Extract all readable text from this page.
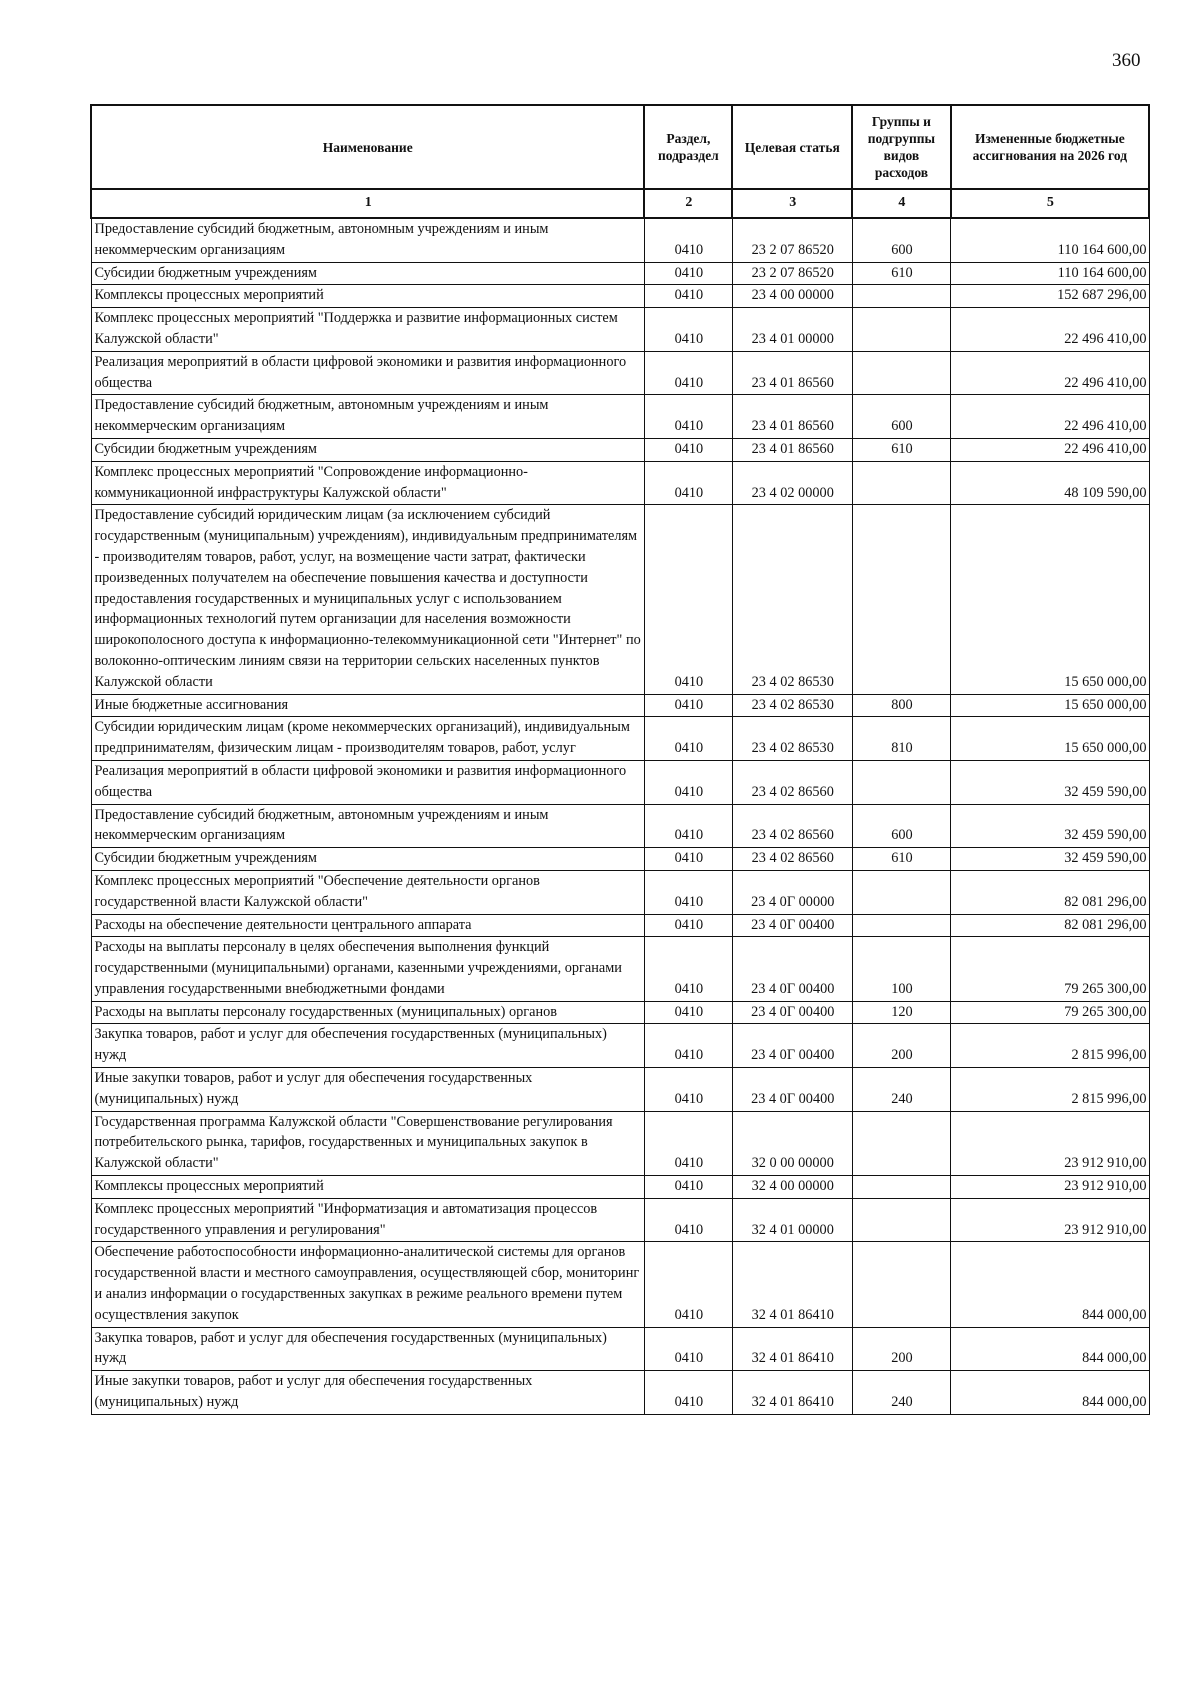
360
Наименование	Раздел, подраздел	Целевая статья	Группы и подгруппы видов расходов	Измененные бюджетные ассигнования на 2026 год
1	2	3	4	5
Предоставление субсидий бюджетным, автономным учреждениям и иным некоммерческим организациям	0410	23 2 07 86520	600	110 164 600,00
Субсидии бюджетным учреждениям	0410	23 2 07 86520	610	110 164 600,00
Комплексы процессных мероприятий	0410	23 4 00 00000		152 687 296,00
Комплекс процессных мероприятий "Поддержка и развитие информационных систем Калужской области"	0410	23 4 01 00000		22 496 410,00
Реализация мероприятий в области цифровой экономики и развития информационного общества	0410	23 4 01 86560		22 496 410,00
Предоставление субсидий бюджетным, автономным учреждениям и иным некоммерческим организациям	0410	23 4 01 86560	600	22 496 410,00
Субсидии бюджетным учреждениям	0410	23 4 01 86560	610	22 496 410,00
Комплекс процессных мероприятий "Сопровождение информационно-коммуникационной инфраструктуры Калужской области"	0410	23 4 02 00000		48 109 590,00
Предоставление субсидий юридическим лицам (за исключением субсидий государственным (муниципальным) учреждениям), индивидуальным предпринимателям - производителям товаров, работ, услуг, на возмещение части затрат, фактически произведенных получателем на обеспечение повышения качества и доступности предоставления государственных и муниципальных услуг с использованием информационных технологий путем организации для населения возможности широкополосного доступа к информационно-телекоммуникационной сети "Интернет" по волоконно-оптическим линиям связи на территории сельских населенных пунктов Калужской области	0410	23 4 02 86530		15 650 000,00
Иные бюджетные ассигнования	0410	23 4 02 86530	800	15 650 000,00
Субсидии юридическим лицам (кроме некоммерческих организаций), индивидуальным предпринимателям, физическим лицам - производителям товаров, работ, услуг	0410	23 4 02 86530	810	15 650 000,00
Реализация мероприятий в области цифровой экономики и развития информационного общества	0410	23 4 02 86560		32 459 590,00
Предоставление субсидий бюджетным, автономным учреждениям и иным некоммерческим организациям	0410	23 4 02 86560	600	32 459 590,00
Субсидии бюджетным учреждениям	0410	23 4 02 86560	610	32 459 590,00
Комплекс процессных мероприятий "Обеспечение деятельности органов государственной власти Калужской области"	0410	23 4 0Г 00000		82 081 296,00
Расходы на обеспечение деятельности центрального аппарата	0410	23 4 0Г 00400		82 081 296,00
Расходы на выплаты персоналу в целях обеспечения выполнения функций государственными (муниципальными) органами, казенными учреждениями, органами управления государственными внебюджетными фондами	0410	23 4 0Г 00400	100	79 265 300,00
Расходы на выплаты персоналу государственных (муниципальных) органов	0410	23 4 0Г 00400	120	79 265 300,00
Закупка товаров, работ и услуг для обеспечения государственных (муниципальных) нужд	0410	23 4 0Г 00400	200	2 815 996,00
Иные закупки товаров, работ и услуг для обеспечения государственных (муниципальных) нужд	0410	23 4 0Г 00400	240	2 815 996,00
Государственная программа Калужской области "Совершенствование регулирования потребительского рынка, тарифов, государственных и муниципальных закупок в Калужской области"	0410	32 0 00 00000		23 912 910,00
Комплексы процессных мероприятий	0410	32 4 00 00000		23 912 910,00
Комплекс процессных мероприятий "Информатизация и автоматизация процессов государственного управления и регулирования"	0410	32 4 01 00000		23 912 910,00
Обеспечение работоспособности информационно-аналитической системы для органов государственной власти и местного самоуправления, осуществляющей сбор, мониторинг и анализ информации о государственных закупках в режиме реального времени путем осуществления закупок	0410	32 4 01 86410		844 000,00
Закупка товаров, работ и услуг для обеспечения государственных (муниципальных) нужд	0410	32 4 01 86410	200	844 000,00
Иные закупки товаров, работ и услуг для обеспечения государственных (муниципальных) нужд	0410	32 4 01 86410	240	844 000,00
